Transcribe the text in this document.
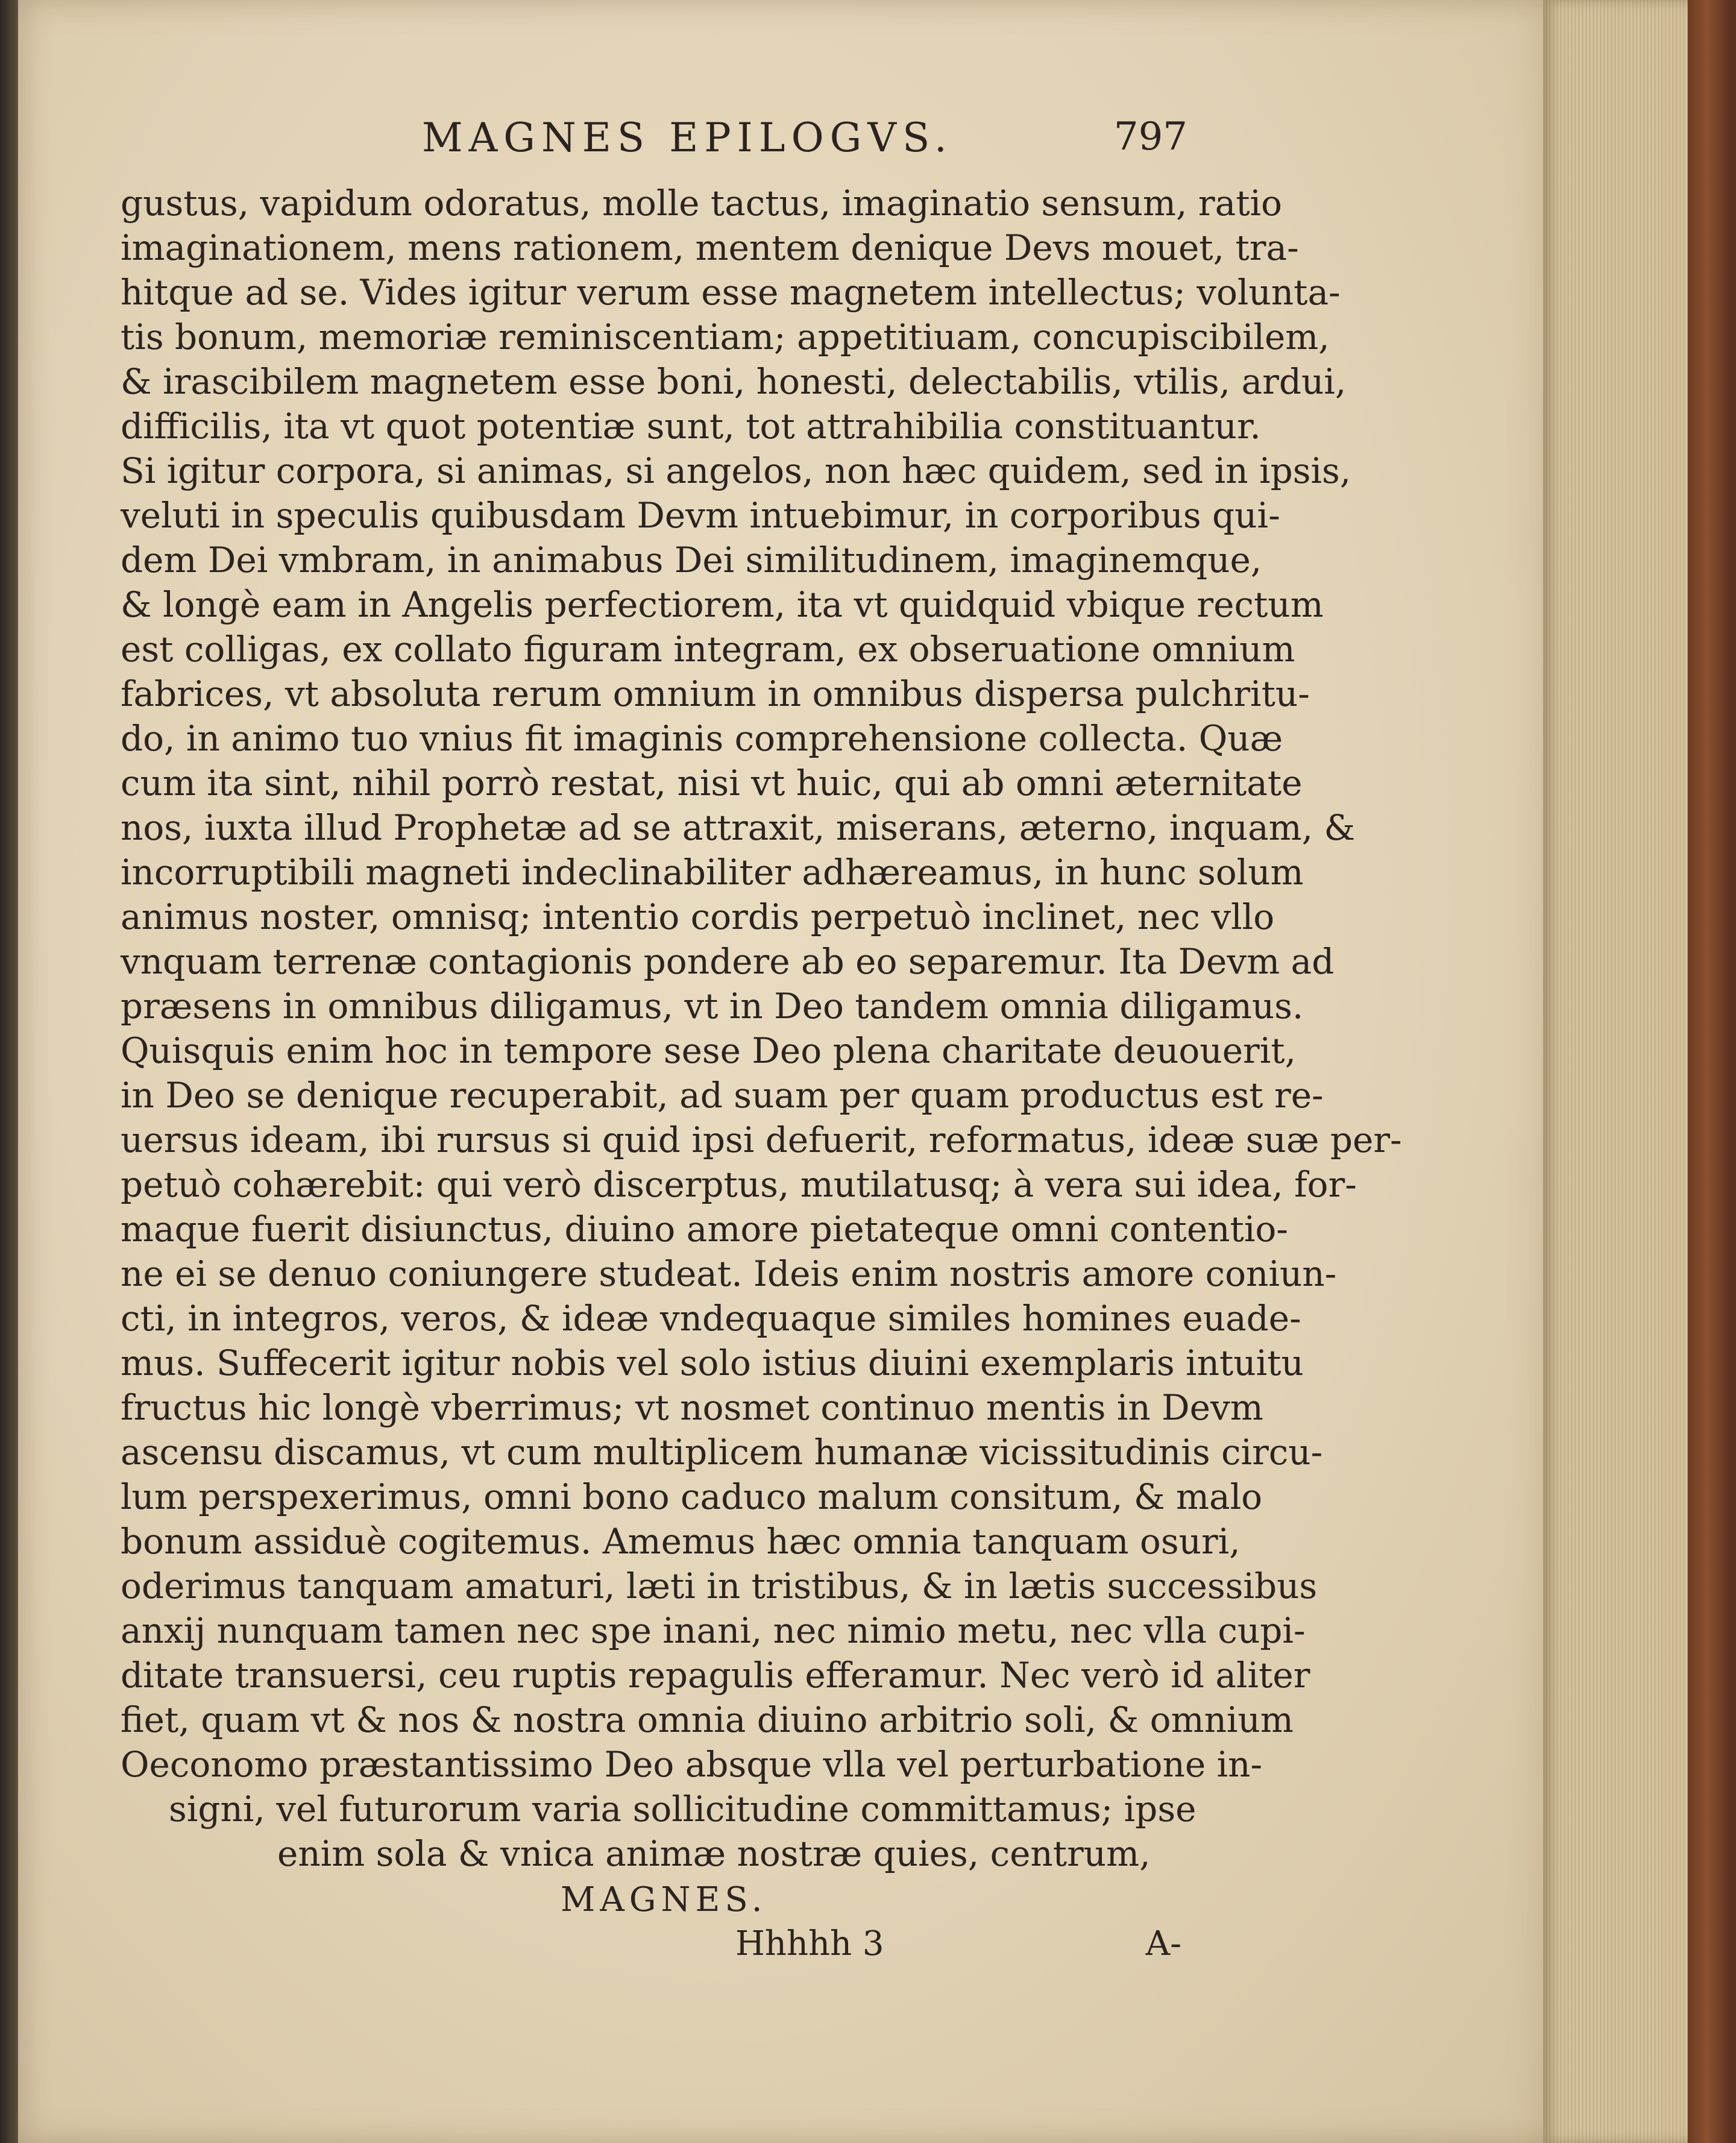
MAGNES EPILOGVS.	797
gustus, vapidum odoratus, molle tactus, imaginatio sensum, ratio
imaginationem, mens rationem, mentem denique Devs mouet, tra-
hitque ad se. Vides igitur verum esse magnetem intellectus; volunta-
tis bonum, memoriæ reminiscentiam; appetitiuam, concupiscibilem,
& irascibilem magnetem esse boni, honesti, delectabilis, vtilis, ardui,
difficilis, ita vt quot potentiæ sunt, tot attrahibilia constituantur.
Si igitur corpora, si animas, si angelos, non hæc quidem, sed in ipsis,
veluti in speculis quibusdam Devm intuebimur, in corporibus qui-
dem Dei vmbram, in animabus Dei similitudinem, imaginemque,
& longè eam in Angelis perfectiorem, ita vt quidquid vbique rectum
est colligas, ex collato figuram integram, ex obseruatione omnium
fabrices, vt absoluta rerum omnium in omnibus dispersa pulchritu-
do, in animo tuo vnius fit imaginis comprehensione collecta. Quæ
cum ita sint, nihil porrò restat, nisi vt huic, qui ab omni æternitate
nos, iuxta illud Prophetæ ad se attraxit, miserans, æterno, inquam, &
incorruptibili magneti indeclinabiliter adhæreamus, in hunc solum
animus noster, omnisq; intentio cordis perpetuò inclinet, nec vllo
vnquam terrenæ contagionis pondere ab eo separemur. Ita Devm ad
præsens in omnibus diligamus, vt in Deo tandem omnia diligamus.
Quisquis enim hoc in tempore sese Deo plena charitate deuouerit,
in Deo se denique recuperabit, ad suam per quam productus est re-
uersus ideam, ibi rursus si quid ipsi defuerit, reformatus, ideæ suæ per-
petuò cohærebit: qui verò discerptus, mutilatusq; à vera sui idea, for-
maque fuerit disiunctus, diuino amore pietateque omni contentio-
ne ei se denuo coniungere studeat. Ideis enim nostris amore coniun-
cti, in integros, veros, & ideæ vndequaque similes homines euade-
mus. Suffecerit igitur nobis vel solo istius diuini exemplaris intuitu
fructus hic longè vberrimus; vt nosmet continuo mentis in Devm
ascensu discamus, vt cum multiplicem humanæ vicissitudinis circu-
lum perspexerimus, omni bono caduco malum consitum, & malo
bonum assiduè cogitemus. Amemus hæc omnia tanquam osuri,
oderimus tanquam amaturi, læti in tristibus, & in lætis successibus
anxij nunquam tamen nec spe inani, nec nimio metu, nec vlla cupi-
ditate transuersi, ceu ruptis repagulis efferamur. Nec verò id aliter
fiet, quam vt & nos & nostra omnia diuino arbitrio soli, & omnium
Oeconomo præstantissimo Deo absque vlla vel perturbatione in-
signi, vel futurorum varia sollicitudine committamus; ipse
enim sola & vnica animæ nostræ quies, centrum,
MAGNES.
Hhhhh 3	A-
